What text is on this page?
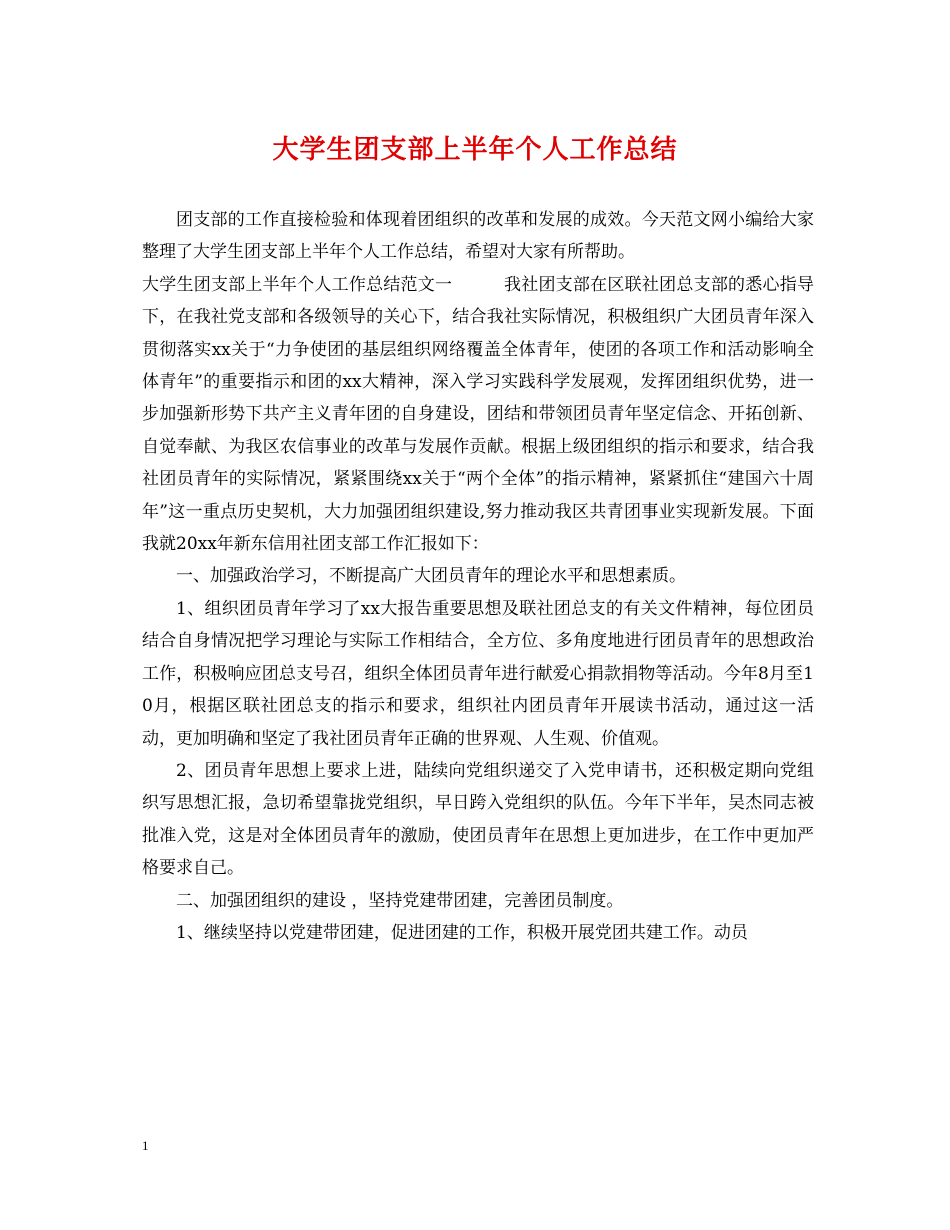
大学生团支部上半年个人工作总结

团支部的工作直接检验和体现着团组织的改革和发展的成效。今天范文网小编给大家整理了大学生团支部上半年个人工作总结，希望对大家有所帮助。

大学生团支部上半年个人工作总结范文一　　　我社团支部在区联社团总支部的悉心指导下，在我社党支部和各级领导的关心下，结合我社实际情况，积极组织广大团员青年深入贯彻落实xx关于“力争使团的基层组织网络覆盖全体青年，使团的各项工作和活动影响全体青年”的重要指示和团的xx大精神，深入学习实践科学发展观，发挥团组织优势，进一步加强新形势下共产主义青年团的自身建设，团结和带领团员青年坚定信念、开拓创新、自觉奉献、为我区农信事业的改革与发展作贡献。根据上级团组织的指示和要求，结合我社团员青年的实际情况，紧紧围绕xx关于“两个全体”的指示精神，紧紧抓住“建国六十周年”这一重点历史契机，大力加强团组织建设,努力推动我区共青团事业实现新发展。下面我就20xx年新东信用社团支部工作汇报如下：

一、加强政治学习，不断提高广大团员青年的理论水平和思想素质。

1、组织团员青年学习了xx大报告重要思想及联社团总支的有关文件精神，每位团员结合自身情况把学习理论与实际工作相结合，全方位、多角度地进行团员青年的思想政治工作，积极响应团总支号召，组织全体团员青年进行献爱心捐款捐物等活动。今年8月至10月，根据区联社团总支的指示和要求，组织社内团员青年开展读书活动，通过这一活动，更加明确和坚定了我社团员青年正确的世界观、人生观、价值观。

2、团员青年思想上要求上进，陆续向党组织递交了入党申请书，还积极定期向党组织写思想汇报，急切希望靠拢党组织，早日跨入党组织的队伍。今年下半年，吴杰同志被批准入党，这是对全体团员青年的激励，使团员青年在思想上更加进步，在工作中更加严格要求自己。

二、加强团组织的建设 ，坚持党建带团建，完善团员制度。

1、继续坚持以党建带团建，促进团建的工作，积极开展党团共建工作。动员

1
